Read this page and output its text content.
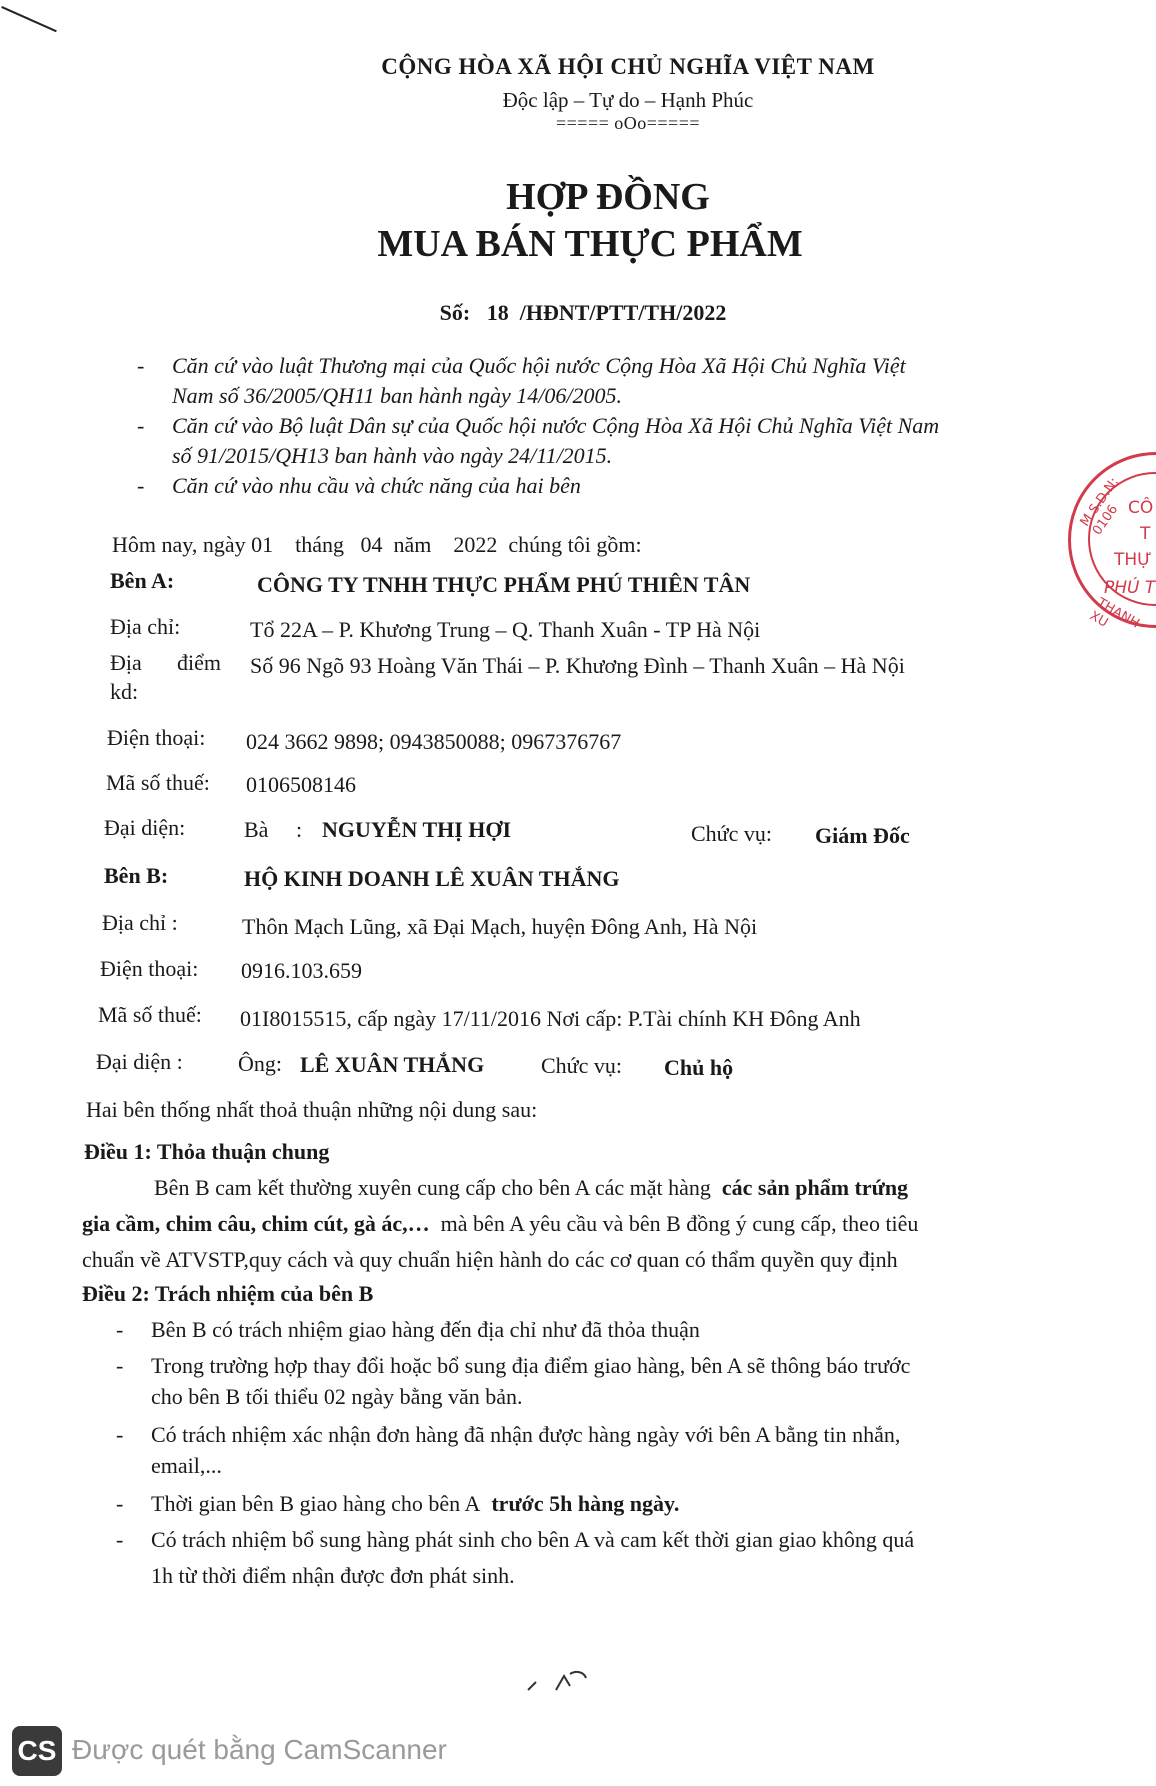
CỘNG HÒA XÃ HỘI CHỦ NGHĨA VIỆT NAM
Độc lập – Tự do – Hạnh Phúc
===== oOo=====
HỢP ĐỒNG
MUA BÁN THỰC PHẨM
Số: 18 /HĐNT/PTT/TH/2022
- Căn cứ vào luật Thương mại của Quốc hội nước Cộng Hòa Xã Hội Chủ Nghĩa Việt
Nam số 36/2005/QH11 ban hành ngày 14/06/2005.
- Căn cứ vào Bộ luật Dân sự của Quốc hội nước Cộng Hòa Xã Hội Chủ Nghĩa Việt Nam
số 91/2015/QH13 ban hành vào ngày 24/11/2015.
- Căn cứ vào nhu cầu và chức năng của hai bên
Hôm nay, ngày 01 tháng 04 năm 2022 chúng tôi gồm:
Bên A:	CÔNG TY TNHH THỰC PHẨM PHÚ THIÊN TÂN
Địa chỉ:	Tổ 22A – P. Khương Trung – Q. Thanh Xuân - TP Hà Nội
Địa điểm
kd:
Số 96 Ngõ 93 Hoàng Văn Thái – P. Khương Đình – Thanh Xuân – Hà Nội
Điện thoại: 024 3662 9898; 0943850088; 0967376767
Mã số thuế: 0106508146
Đại diện:	Bà : NGUYỄN THỊ HỢI	Chức vụ: Giám Đốc
Bên B:	HỘ KINH DOANH LÊ XUÂN THẮNG
Địa chỉ :	Thôn Mạch Lũng, xã Đại Mạch, huyện Đông Anh, Hà Nội
Điện thoại: 0916.103.659
Mã số thuế: 01I8015515, cấp ngày 17/11/2016 Nơi cấp: P.Tài chính KH Đông Anh
Đại diện :	Ông: LÊ XUÂN THẮNG	Chức vụ: Chủ hộ
Hai bên thống nhất thoả thuận những nội dung sau:
Điều 1: Thỏa thuận chung
Bên B cam kết thường xuyên cung cấp cho bên A các mặt hàng các sản phẩm trứng
gia cầm, chim câu, chim cút, gà ác,… mà bên A yêu cầu và bên B đồng ý cung cấp, theo tiêu
chuẩn về ATVSTP,quy cách và quy chuẩn hiện hành do các cơ quan có thẩm quyền quy định
Điều 2: Trách nhiệm của bên B
- Bên B có trách nhiệm giao hàng đến địa chỉ như đã thỏa thuận
- Trong trường hợp thay đổi hoặc bổ sung địa điểm giao hàng, bên A sẽ thông báo trước
cho bên B tối thiểu 02 ngày bằng văn bản.
- Có trách nhiệm xác nhận đơn hàng đã nhận được hàng ngày với bên A bằng tin nhắn,
email,...
- Thời gian bên B giao hàng cho bên A trước 5h hàng ngày.
- Có trách nhiệm bổ sung hàng phát sinh cho bên A và cam kết thời gian giao không quá
1h từ thời điểm nhận được đơn phát sinh.
M.S.D.N: 0106 CÔ
T
THỰ
PHÚ T
THANH XU
CS Được quét bằng CamScanner
